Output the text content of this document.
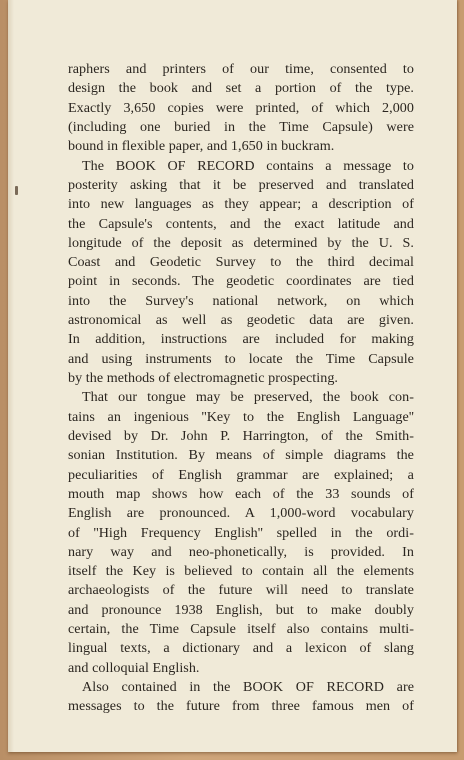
raphers and printers of our time, consented to
design the book and set a portion of the type.
Exactly 3,650 copies were printed, of which 2,000
(including one buried in the Time Capsule) were
bound in flexible paper, and 1,650 in buckram.
The BOOK OF RECORD contains a message to
posterity asking that it be preserved and translated
into new languages as they appear; a description of
the Capsule's contents, and the exact latitude and
longitude of the deposit as determined by the U. S.
Coast and Geodetic Survey to the third decimal
point in seconds. The geodetic coordinates are tied
into the Survey's national network, on which
astronomical as well as geodetic data are given.
In addition, instructions are included for making
and using instruments to locate the Time Capsule
by the methods of electromagnetic prospecting.
That our tongue may be preserved, the book con-
tains an ingenious ''Key to the English Language''
devised by Dr. John P. Harrington, of the Smith-
sonian Institution. By means of simple diagrams the
peculiarities of English grammar are explained; a
mouth map shows how each of the 33 sounds of
English are pronounced. A 1,000-word vocabulary
of ''High Frequency English'' spelled in the ordi-
nary way and neo-phonetically, is provided. In
itself the Key is believed to contain all the elements
archaeologists of the future will need to translate
and pronounce 1938 English, but to make doubly
certain, the Time Capsule itself also contains multi-
lingual texts, a dictionary and a lexicon of slang
and colloquial English.
Also contained in the BOOK OF RECORD are
messages to the future from three famous men of
